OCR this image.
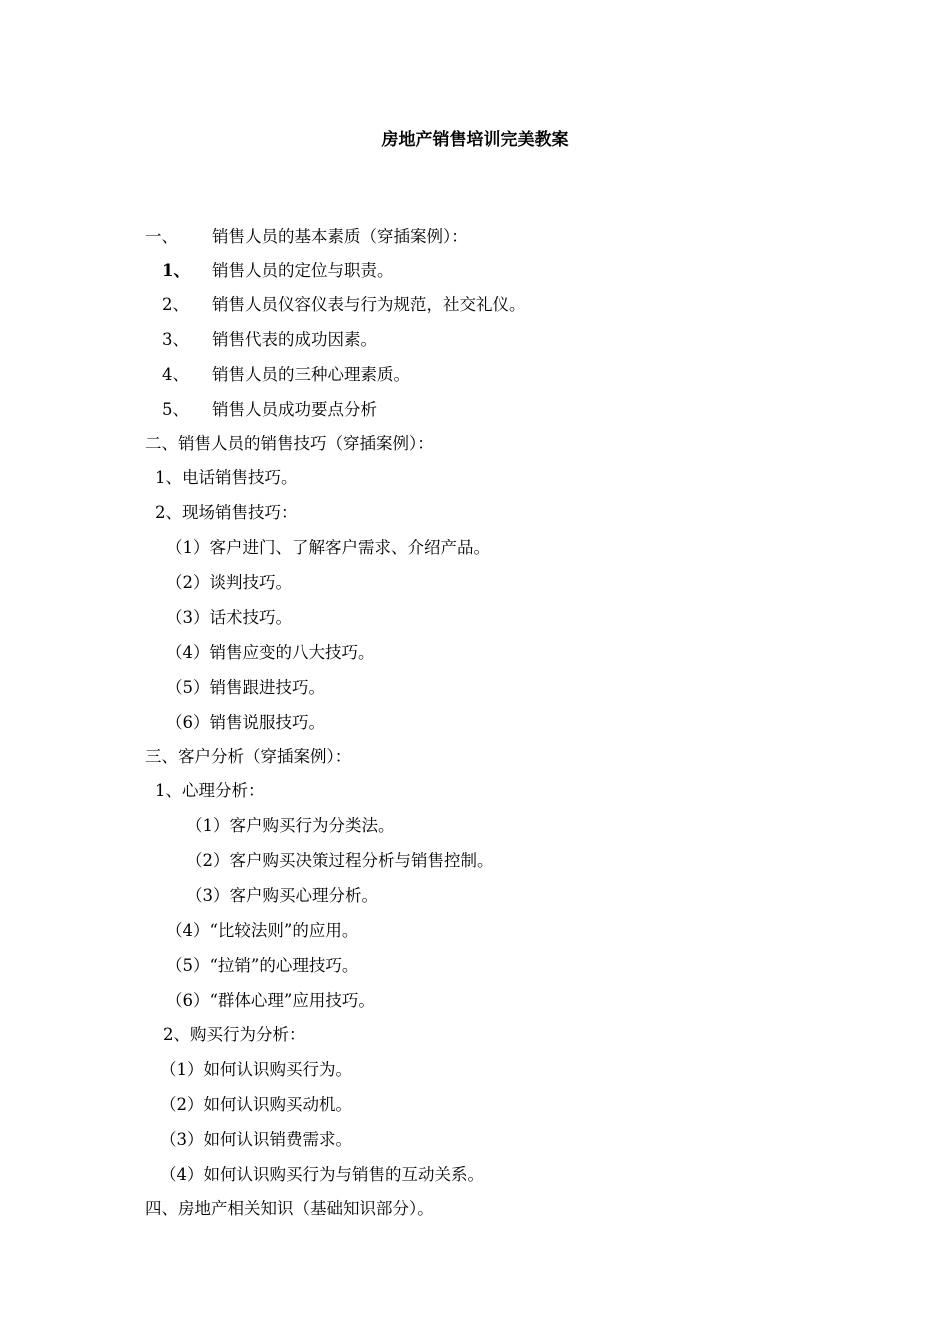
房地产销售培训完美教案
一、 销售人员的基本素质（穿插案例）：
1、 销售人员的定位与职责。
2、 销售人员仪容仪表与行为规范，社交礼仪。
3、 销售代表的成功因素。
4、 销售人员的三种心理素质。
5、 销售人员成功要点分析
二、销售人员的销售技巧（穿插案例）：
1、电话销售技巧。
2、现场销售技巧：
（1）客户进门、了解客户需求、介绍产品。
（2）谈判技巧。
（3）话术技巧。
（4）销售应变的八大技巧。
（5）销售跟进技巧。
（6）销售说服技巧。
三、客户分析（穿插案例）：
1、心理分析：
（1）客户购买行为分类法。
（2）客户购买决策过程分析与销售控制。
（3）客户购买心理分析。
（4）“比较法则”的应用。
（5）“拉销”的心理技巧。
（6）“群体心理”应用技巧。
2、购买行为分析：
（1）如何认识购买行为。
（2）如何认识购买动机。
（3）如何认识销费需求。
（4）如何认识购买行为与销售的互动关系。
四、房地产相关知识（基础知识部分）。
